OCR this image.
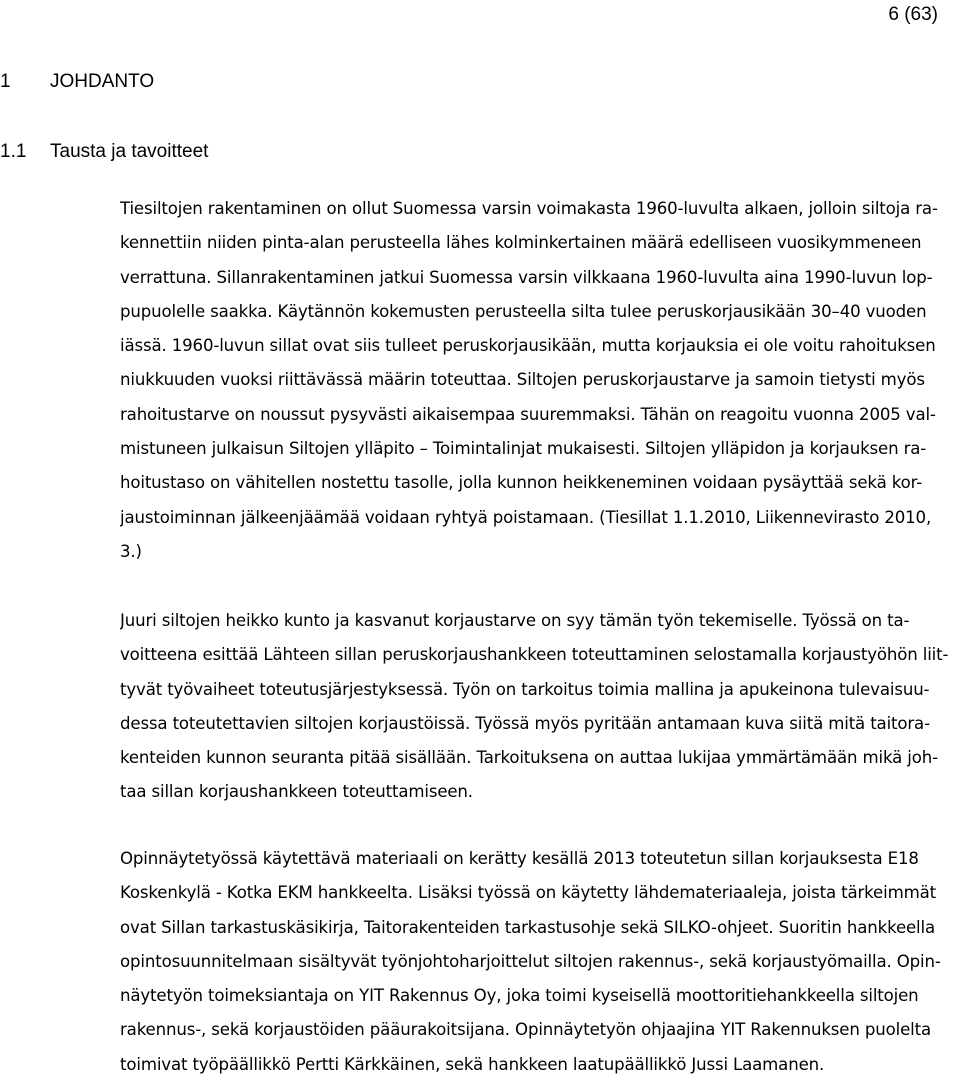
6 (63)
1 JOHDANTO
1.1 Tausta ja tavoitteet
Tiesiltojen rakentaminen on ollut Suomessa varsin voimakasta 1960-luvulta alkaen, jolloin siltoja ra-
kennettiin niiden pinta-alan perusteella lähes kolminkertainen määrä edelliseen vuosikymmeneen
verrattuna. Sillanrakentaminen jatkui Suomessa varsin vilkkaana 1960-luvulta aina 1990-luvun lop-
pupuolelle saakka. Käytännön kokemusten perusteella silta tulee peruskorjausikään 30–40 vuoden
iässä. 1960-luvun sillat ovat siis tulleet peruskorjausikään, mutta korjauksia ei ole voitu rahoituksen
niukkuuden vuoksi riittävässä määrin toteuttaa. Siltojen peruskorjaustarve ja samoin tietysti myös
rahoitustarve on noussut pysyvästi aikaisempaa suuremmaksi. Tähän on reagoitu vuonna 2005 val-
mistuneen julkaisun Siltojen ylläpito – Toimintalinjat mukaisesti. Siltojen ylläpidon ja korjauksen ra-
hoitustaso on vähitellen nostettu tasolle, jolla kunnon heikkeneminen voidaan pysäyttää sekä kor-
jaustoiminnan jälkeenjäämää voidaan ryhtyä poistamaan. (Tiesillat 1.1.2010, Liikennevirasto 2010,
3.)
Juuri siltojen heikko kunto ja kasvanut korjaustarve on syy tämän työn tekemiselle. Työssä on ta-
voitteena esittää Lähteen sillan peruskorjaushankkeen toteuttaminen selostamalla korjaustyöhön liit-
tyvät työvaiheet toteutusjärjestyksessä. Työn on tarkoitus toimia mallina ja apukeinona tulevaisuu-
dessa toteutettavien siltojen korjaustöissä. Työssä myös pyritään antamaan kuva siitä mitä taitora-
kenteiden kunnon seuranta pitää sisällään. Tarkoituksena on auttaa lukijaa ymmärtämään mikä joh-
taa sillan korjaushankkeen toteuttamiseen.
Opinnäytetyössä käytettävä materiaali on kerätty kesällä 2013 toteutetun sillan korjauksesta E18
Koskenkylä - Kotka EKM hankkeelta. Lisäksi työssä on käytetty lähdemateriaaleja, joista tärkeimmät
ovat Sillan tarkastuskäsikirja, Taitorakenteiden tarkastusohje sekä SILKO-ohjeet. Suoritin hankkeella
opintosuunnitelmaan sisältyvät työnjohtoharjoittelut siltojen rakennus-, sekä korjaustyömailla. Opin-
näytetyön toimeksiantaja on YIT Rakennus Oy, joka toimi kyseisellä moottoritiehankkeella siltojen
rakennus-, sekä korjaustöiden pääurakoitsijana. Opinnäytetyön ohjaajina YIT Rakennuksen puolelta
toimivat työpäällikkö Pertti Kärkkäinen, sekä hankkeen laatupäällikkö Jussi Laamanen.
